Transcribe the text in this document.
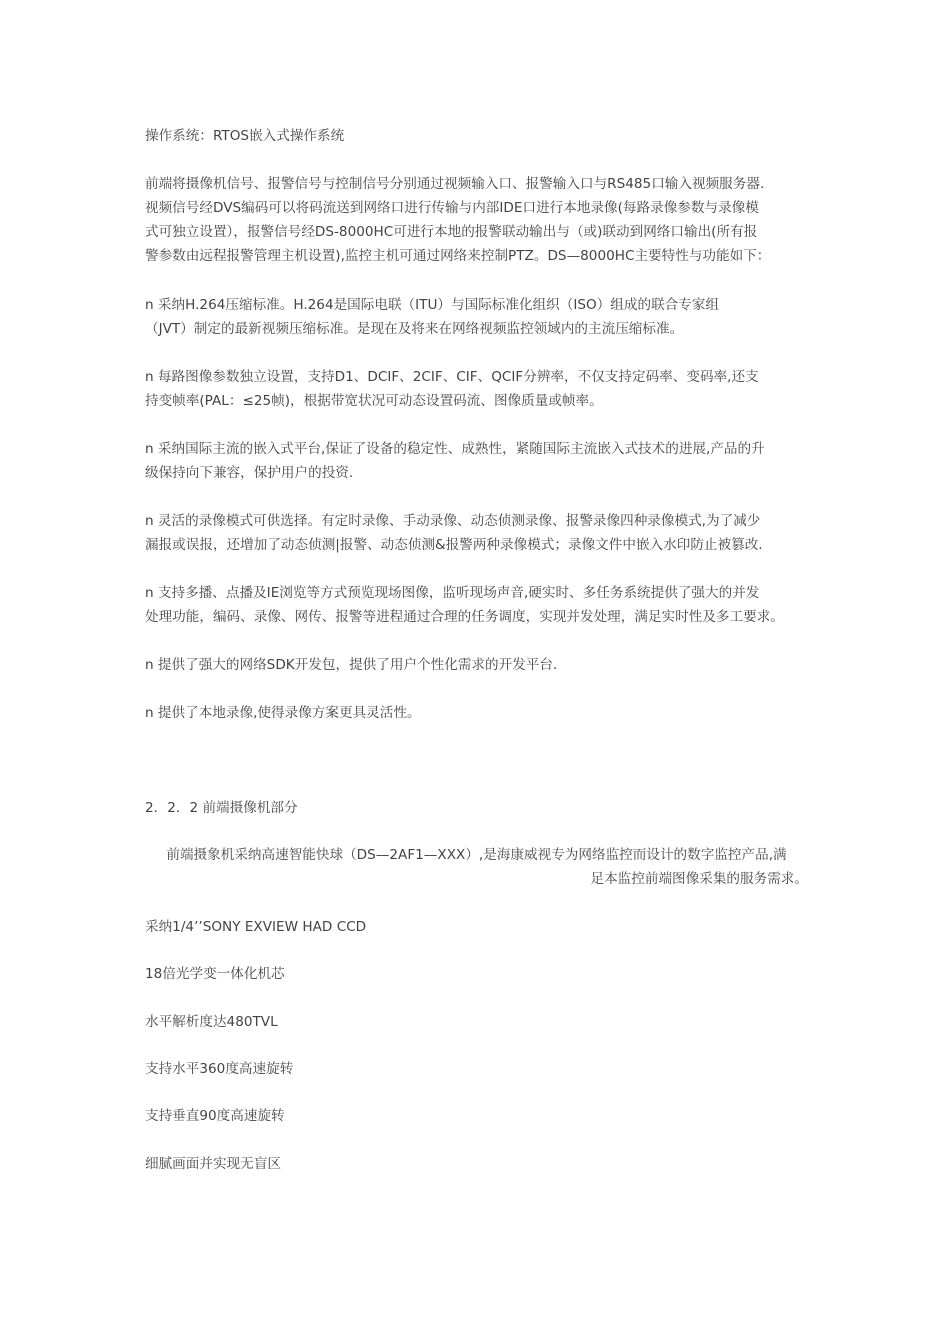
操作系统：RTOS嵌入式操作系统

前端将摄像机信号、报警信号与控制信号分别通过视频输入口、报警输入口与RS485口输入视频服务器.
视频信号经DVS编码可以将码流送到网络口进行传输与内部IDE口进行本地录像(每路录像参数与录像模
式可独立设置），报警信号经DS-8000HC可进行本地的报警联动输出与（或)联动到网络口输出(所有报
警参数由远程报警管理主机设置),监控主机可通过网络来控制PTZ。DS—8000HC主要特性与功能如下：

n 采纳H.264压缩标准。H.264是国际电联（ITU）与国际标准化组织（ISO）组成的联合专家组
（JVT）制定的最新视频压缩标准。是现在及将来在网络视频监控领域内的主流压缩标准。

n 每路图像参数独立设置，支持D1、DCIF、2CIF、CIF、QCIF分辨率，不仅支持定码率、变码率,还支
持变帧率(PAL：≤25帧)，根据带宽状况可动态设置码流、图像质量或帧率。

n 采纳国际主流的嵌入式平台,保证了设备的稳定性、成熟性，紧随国际主流嵌入式技术的进展,产品的升
级保持向下兼容，保护用户的投资.

n 灵活的录像模式可供选择。有定时录像、手动录像、动态侦测录像、报警录像四种录像模式,为了减少
漏报或误报，还增加了动态侦测|报警、动态侦测&报警两种录像模式；录像文件中嵌入水印防止被篡改.

n 支持多播、点播及IE浏览等方式预览现场图像，监听现场声音,硬实时、多任务系统提供了强大的并发
处理功能，编码、录像、网传、报警等进程通过合理的任务调度，实现并发处理，满足实时性及多工要求。

n 提供了强大的网络SDK开发包，提供了用户个性化需求的开发平台.

n 提供了本地录像,使得录像方案更具灵活性。

2．2．2 前端摄像机部分

前端摄象机采纳高速智能快球（DS—2AF1—XXX）,是海康威视专为网络监控而设计的数字监控产品,满
足本监控前端图像采集的服务需求。

采纳1/4’’SONY EXVIEW HAD CCD

18倍光学变一体化机芯

水平解析度达480TVL

支持水平360度高速旋转

支持垂直90度高速旋转

细腻画面并实现无盲区
